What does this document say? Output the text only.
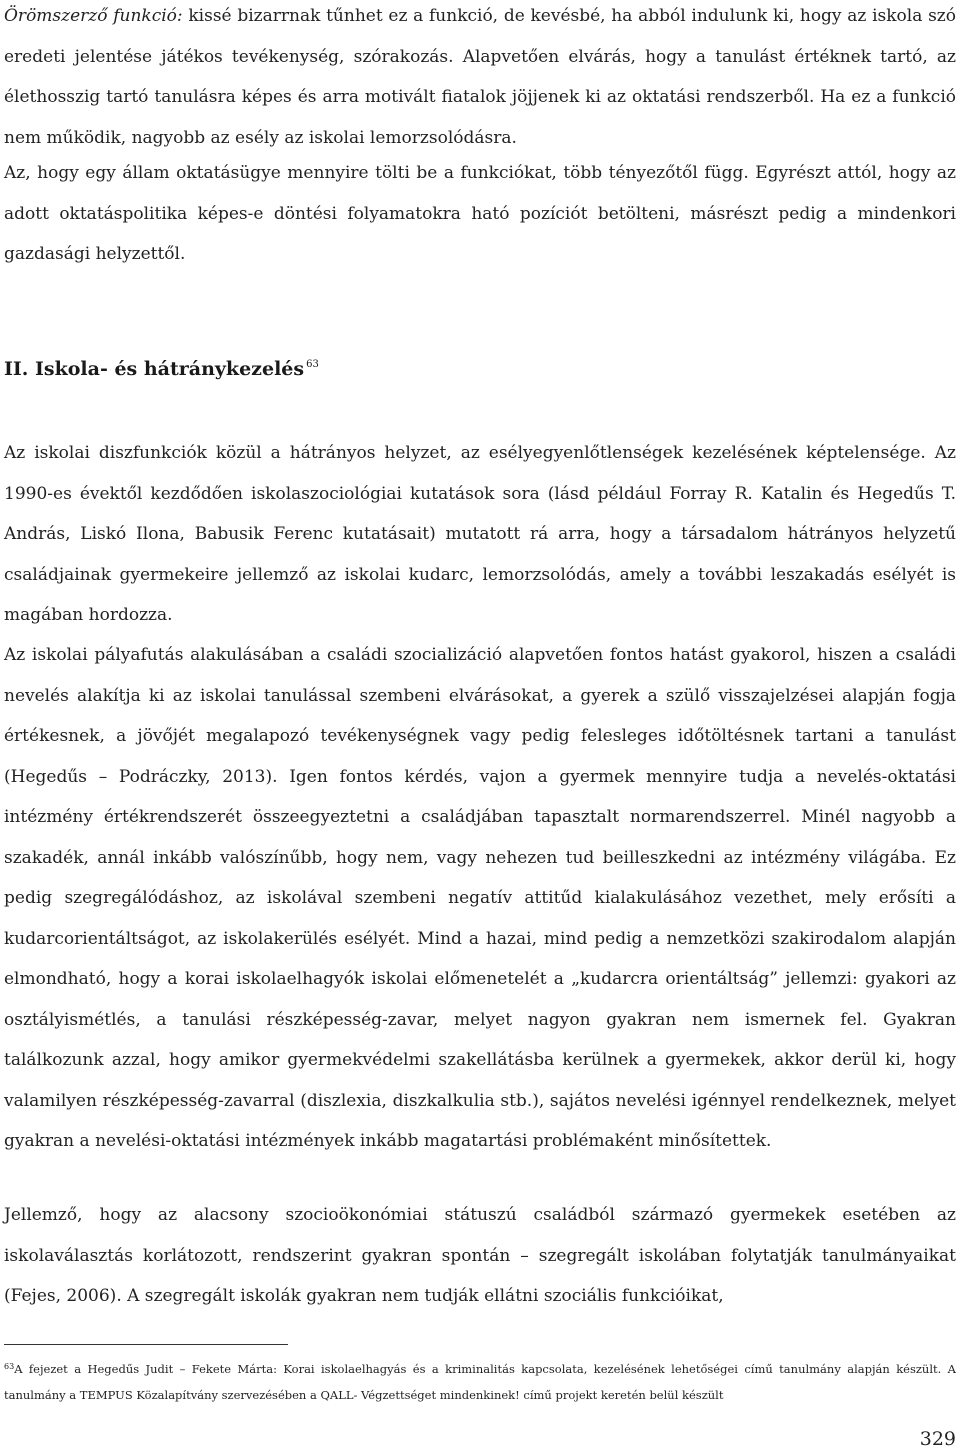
Örömszerző funkció: kissé bizarrnak tűnhet ez a funkció, de kevésbé, ha abból indulunk ki, hogy az iskola szó eredeti jelentése játékos tevékenység, szórakozás. Alapvetően elvárás, hogy a tanulást értéknek tartó, az élethosszig tartó tanulásra képes és arra motivált fiatalok jöjjenek ki az oktatási rendszerből. Ha ez a funkció nem működik, nagyobb az esély az iskolai lemorzsolódásra.

Az, hogy egy állam oktatásügye mennyire tölti be a funkciókat, több tényezőtől függ. Egyrészt attól, hogy az adott oktatáspolitika képes-e döntési folyamatokra ható pozíciót betölteni, másrészt pedig a mindenkori gazdasági helyzettől.

II. Iskola- és hátránykezelés $^{63}$

Az iskolai diszfunkciók közül a hátrányos helyzet, az esélyegyenlőtlenségek kezelésének képtelensége. Az 1990-es évektől kezdődően iskolaszociológiai kutatások sora (lásd például Forray R. Katalin és Hegedűs T. András, Liskó Ilona, Babusik Ferenc kutatásait) mutatott rá arra, hogy a társadalom hátrányos helyzetű családjainak gyermekeire jellemző az iskolai kudarc, lemorzsolódás, amely a további leszakadás esélyét is magában hordozza.

Az iskolai pályafutás alakulásában a családi szocializáció alapvetően fontos hatást gyakorol, hiszen a családi nevelés alakítja ki az iskolai tanulással szembeni elvárásokat, a gyerek a szülő visszajelzései alapján fogja értékesnek, a jövőjét megalapozó tevékenységnek vagy pedig felesleges időtöltésnek tartani a tanulást (Hegedűs – Podráczky, 2013). Igen fontos kérdés, vajon a gyermek mennyire tudja a nevelés-oktatási intézmény értékrendszerét összeegyeztetni a családjában tapasztalt normarendszerrel. Minél nagyobb a szakadék, annál inkább valószínűbb, hogy nem, vagy nehezen tud beilleszkedni az intézmény világába. Ez pedig szegregálódáshoz, az iskolával szembeni negatív attitűd kialakulásához vezethet, mely erősíti a kudarcorientáltságot, az iskolakerülés esélyét. Mind a hazai, mind pedig a nemzetközi szakirodalom alapján elmondható, hogy a korai iskolaelhagyók iskolai előmenetelét a „kudarcra orientáltság” jellemzi: gyakori az osztályismétlés, a tanulási részképesség-zavar, melyet nagyon gyakran nem ismernek fel. Gyakran találkozunk azzal, hogy amikor gyermekvédelmi szakellátásba kerülnek a gyermekek, akkor derül ki, hogy valamilyen részképesség-zavarral (diszlexia, diszkalkulia stb.), sajátos nevelési igénnyel rendelkeznek, melyet gyakran a nevelési-oktatási intézmények inkább magatartási problémaként minősítettek.

Jellemző, hogy az alacsony szocioökonómiai státuszú családból származó gyermekek esetében az iskolaválasztás korlátozott, rendszerint gyakran spontán – szegregált iskolában folytatják tanulmányaikat (Fejes, 2006). A szegregált iskolák gyakran nem tudják ellátni szociális funkcióikat,

$^{63}$A fejezet a Hegedűs Judit – Fekete Márta: Korai iskolaelhagyás és a kriminalitás kapcsolata, kezelésének lehetőségei című tanulmány alapján készült. A tanulmány a TEMPUS Közalapítvány szervezésében a QALL- Végzettséget mindenkinek! című projekt keretén belül készült

329
